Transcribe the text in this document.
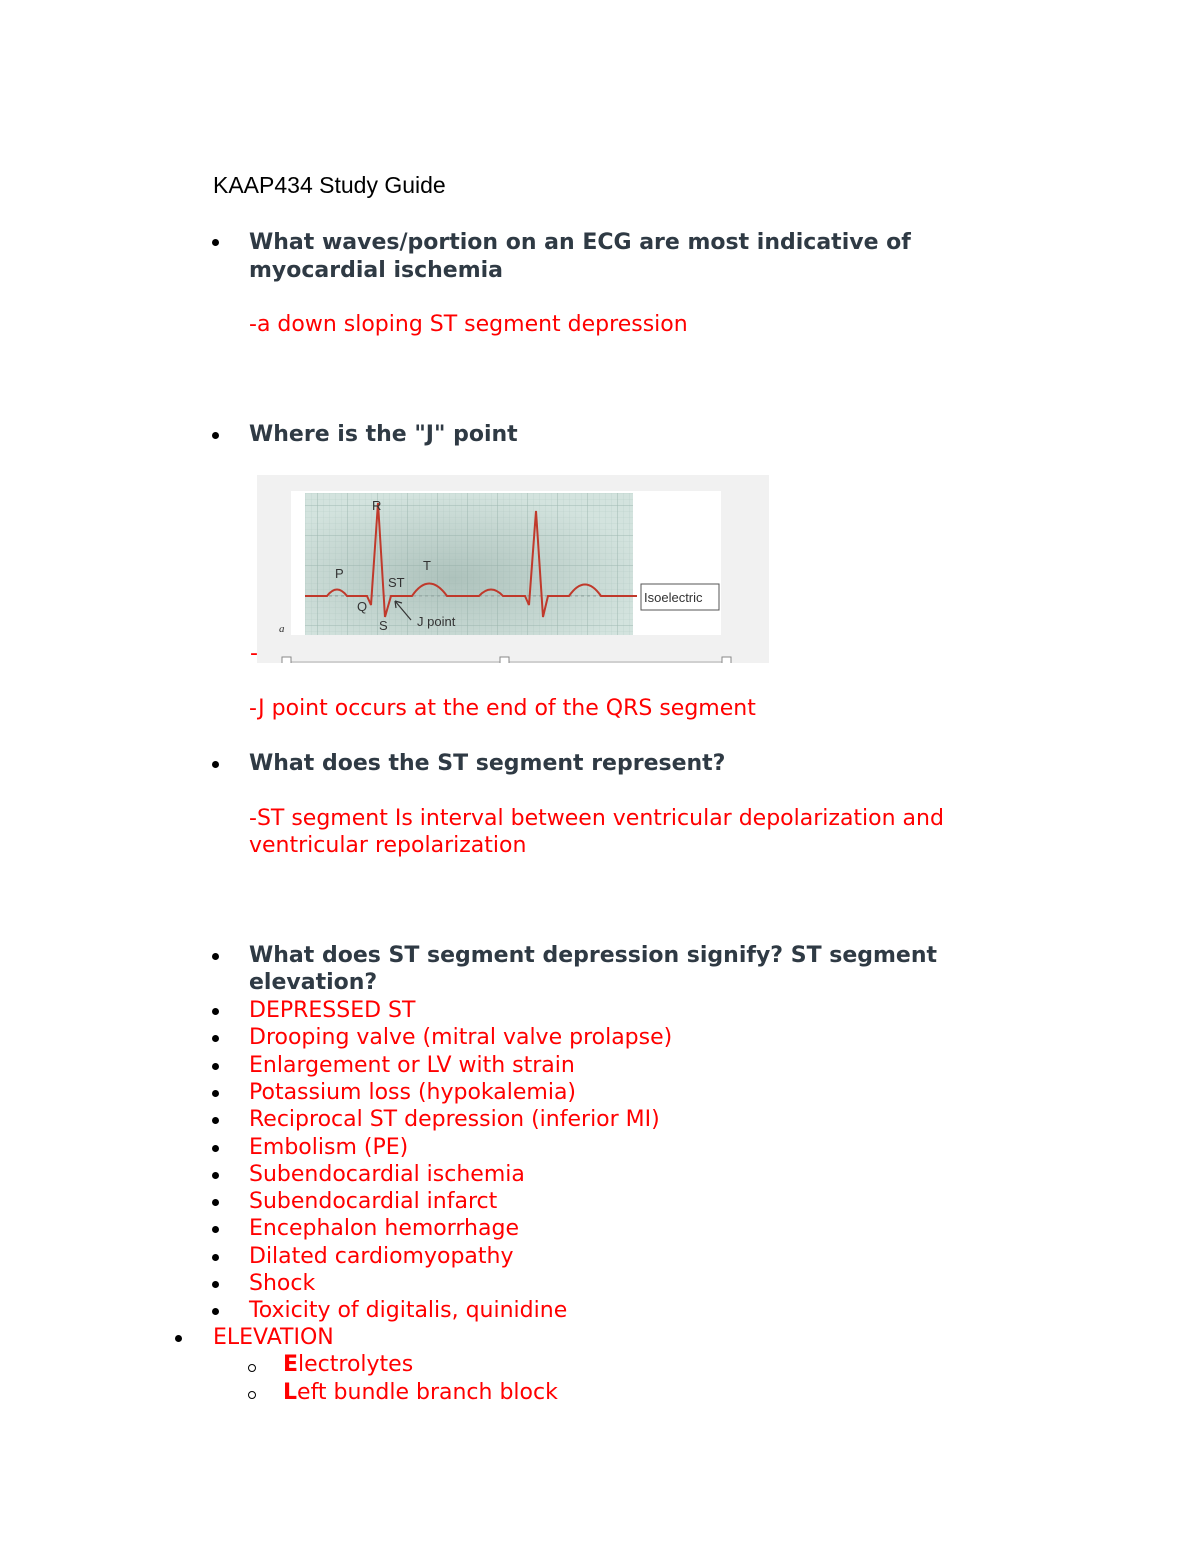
KAAP434 Study Guide
What waves/portion on an ECG are most indicative of
myocardial ischemia
-a down sloping ST segment depression
Where is the "J" point
R
P
T
ST
Q
S J point
a
Isoelectric
-
-J point occurs at the end of the QRS segment
What does the ST segment represent?
-ST segment Is interval between ventricular depolarization and
ventricular repolarization
What does ST segment depression signify? ST segment
elevation?
DEPRESSED ST
Drooping valve (mitral valve prolapse)
Enlargement or LV with strain
Potassium loss (hypokalemia)
Reciprocal ST depression (inferior MI)
Embolism (PE)
Subendocardial ischemia
Subendocardial infarct
Encephalon hemorrhage
Dilated cardiomyopathy
Shock
Toxicity of digitalis, quinidine
ELEVATION
Electrolytes
Left bundle branch block
